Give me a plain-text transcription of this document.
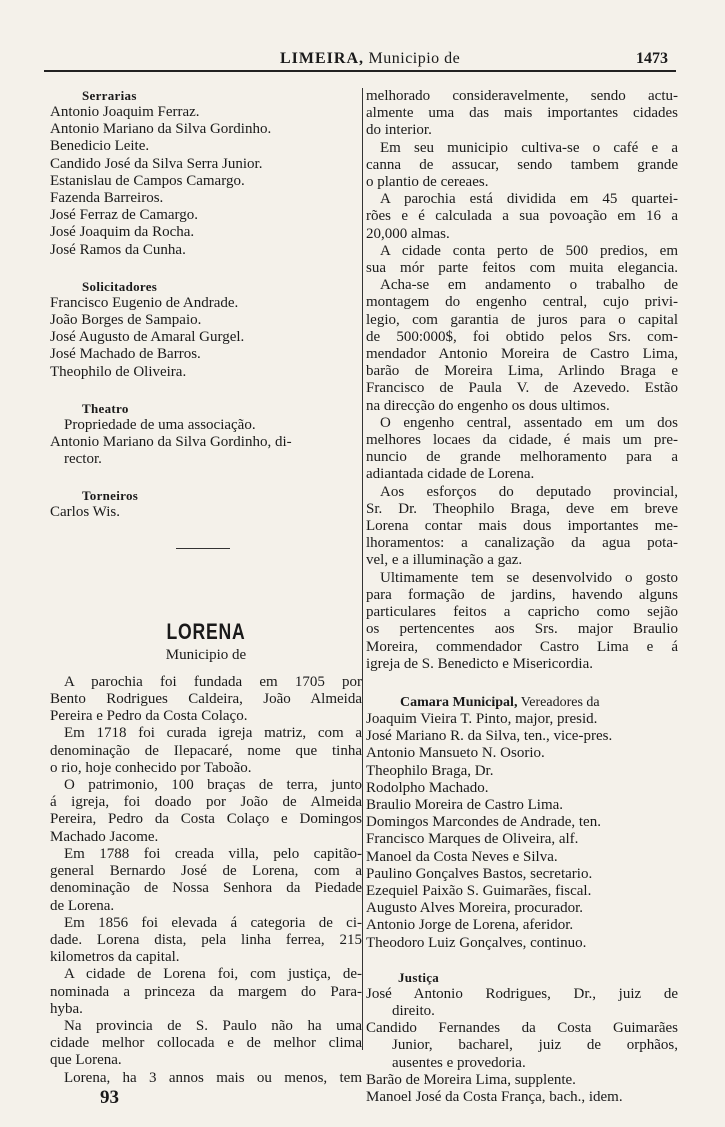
LIMEIRA, Municipio de	1473
Serrarias
Antonio Joaquim Ferraz.
Antonio Mariano da Silva Gordinho.
Benedicio Leite.
Candido José da Silva Serra Junior.
Estanislau de Campos Camargo.
Fazenda Barreiros.
José Ferraz de Camargo.
José Joaquim da Rocha.
José Ramos da Cunha.
Solicitadores
Francisco Eugenio de Andrade.
João Borges de Sampaio.
José Augusto de Amaral Gurgel.
José Machado de Barros.
Theophilo de Oliveira.
Theatro
Propriedade de uma associação.
Antonio Mariano da Silva Gordinho, di-
rector.
Torneiros
Carlos Wis.
LORENA
Municipio de
A parochia foi fundada em 1705 por
Bento Rodrigues Caldeira, João Almeida
Pereira e Pedro da Costa Colaço.
Em 1718 foi curada igreja matriz, com a
denominação de Ilepacaré, nome que tinha
o rio, hoje conhecido por Taboão.
O patrimonio, 100 braças de terra, junto
á igreja, foi doado por João de Almeida
Pereira, Pedro da Costa Colaço e Domingos
Machado Jacome.
Em 1788 foi creada villa, pelo capitão-
general Bernardo José de Lorena, com a
denominação de Nossa Senhora da Piedade
de Lorena.
Em 1856 foi elevada á categoria de ci-
dade. Lorena dista, pela linha ferrea, 215
kilometros da capital.
A cidade de Lorena foi, com justiça, de-
nominada a princeza da margem do Para-
hyba.
Na provincia de S. Paulo não ha uma
cidade melhor collocada e de melhor clima
que Lorena.
Lorena, ha 3 annos mais ou menos, tem
93
melhorado consideravelmente, sendo actu-
almente uma das mais importantes cidades
do interior.
Em seu municipio cultiva-se o café e a
canna de assucar, sendo tambem grande
o plantio de cereaes.
A parochia está dividida em 45 quartei-
rões e é calculada a sua povoação em 16 a
20,000 almas.
A cidade conta perto de 500 predios, em
sua mór parte feitos com muita elegancia.
Acha-se em andamento o trabalho de
montagem do engenho central, cujo privi-
legio, com garantia de juros para o capital
de 500:000$, foi obtido pelos Srs. com-
mendador Antonio Moreira de Castro Lima,
barão de Moreira Lima, Arlindo Braga e
Francisco de Paula V. de Azevedo. Estão
na direcção do engenho os dous ultimos.
O engenho central, assentado em um dos
melhores locaes da cidade, é mais um pre-
nuncio de grande melhoramento para a
adiantada cidade de Lorena.
Aos esforços do deputado provincial,
Sr. Dr. Theophilo Braga, deve em breve
Lorena contar mais dous importantes me-
lhoramentos: a canalização da agua pota-
vel, e a illuminação a gaz.
Ultimamente tem se desenvolvido o gosto
para formação de jardins, havendo alguns
particulares feitos a capricho como sejão
os pertencentes aos Srs. major Braulio
Moreira, commendador Castro Lima e á
igreja de S. Benedicto e Misericordia.
Camara Municipal, Vereadores da
Joaquim Vieira T. Pinto, major, presid.
José Mariano R. da Silva, ten., vice-pres.
Antonio Mansueto N. Osorio.
Theophilo Braga, Dr.
Rodolpho Machado.
Braulio Moreira de Castro Lima.
Domingos Marcondes de Andrade, ten.
Francisco Marques de Oliveira, alf.
Manoel da Costa Neves e Silva.
Paulino Gonçalves Bastos, secretario.
Ezequiel Paixão S. Guimarães, fiscal.
Augusto Alves Moreira, procurador.
Antonio Jorge de Lorena, aferidor.
Theodoro Luiz Gonçalves, continuo.
Justiça
José Antonio Rodrigues, Dr., juiz de
direito.
Candido Fernandes da Costa Guimarães
Junior, bacharel, juiz de orphãos,
ausentes e provedoria.
Barão de Moreira Lima, supplente.
Manoel José da Costa França, bach., idem.
